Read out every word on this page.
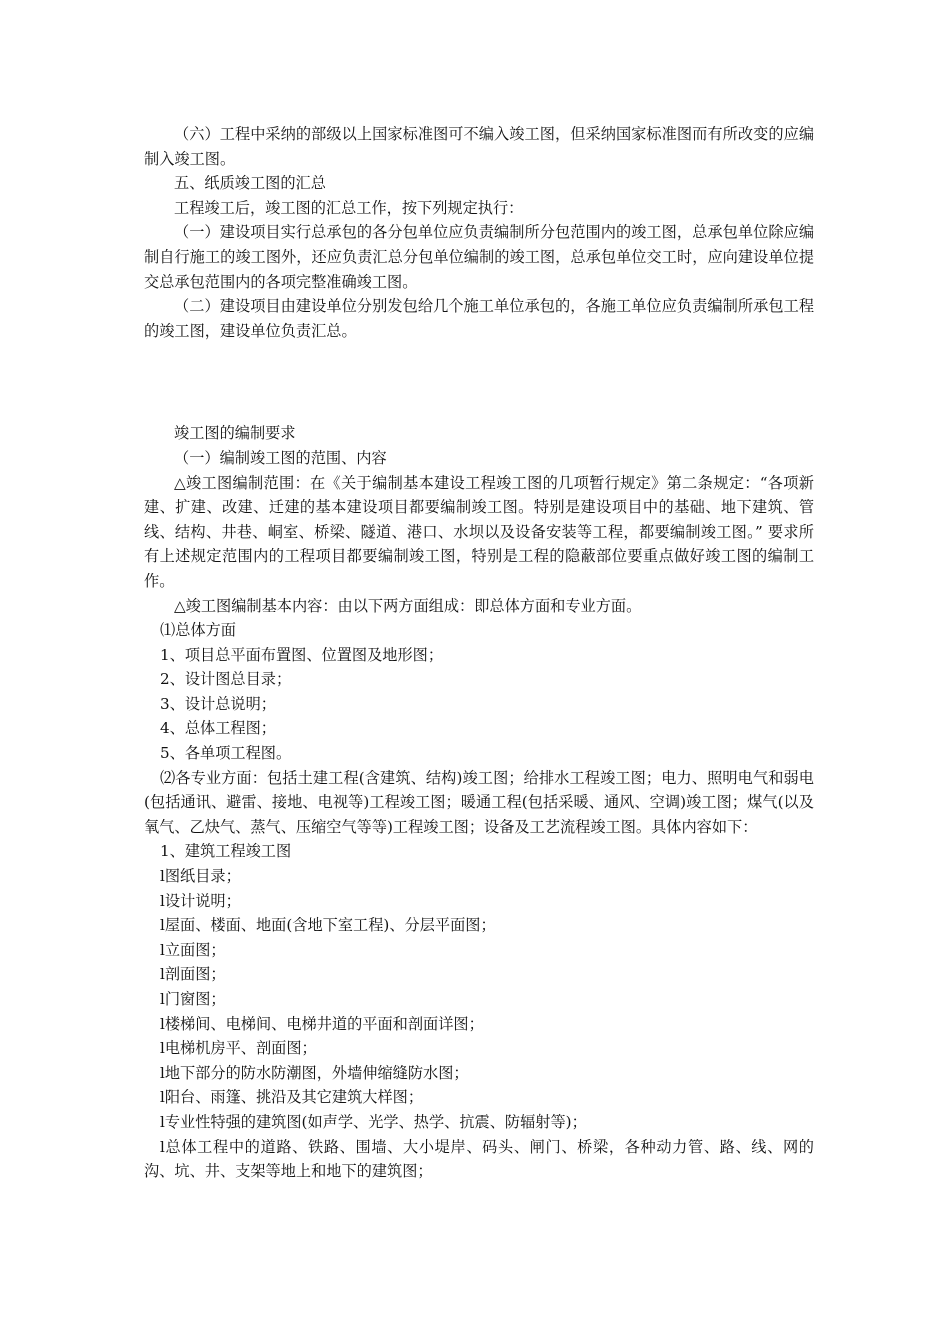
（六）工程中采纳的部级以上国家标准图可不编入竣工图，但采纳国家标准图而有所改变的应编制入竣工图。

五、纸质竣工图的汇总

工程竣工后，竣工图的汇总工作，按下列规定执行：

（一）建设项目实行总承包的各分包单位应负责编制所分包范围内的竣工图，总承包单位除应编制自行施工的竣工图外，还应负责汇总分包单位编制的竣工图，总承包单位交工时，应向建设单位提交总承包范围内的各项完整准确竣工图。

（二）建设项目由建设单位分别发包给几个施工单位承包的，各施工单位应负责编制所承包工程的竣工图，建设单位负责汇总。

竣工图的编制要求

（一）编制竣工图的范围、内容

△竣工图编制范围：在《关于编制基本建设工程竣工图的几项暂行规定》第二条规定：“各项新建、扩建、改建、迁建的基本建设项目都要编制竣工图。特别是建设项目中的基础、地下建筑、管线、结构、井巷、峒室、桥梁、隧道、港口、水坝以及设备安装等工程，都要编制竣工图。” 要求所有上述规定范围内的工程项目都要编制竣工图，特别是工程的隐蔽部位要重点做好竣工图的编制工作。

△竣工图编制基本内容：由以下两方面组成：即总体方面和专业方面。

⑴总体方面

1、项目总平面布置图、位置图及地形图；

2、设计图总目录；

3、设计总说明；

4、总体工程图；

5、各单项工程图。

⑵各专业方面：包括土建工程(含建筑、结构)竣工图；给排水工程竣工图；电力、照明电气和弱电(包括通讯、避雷、接地、电视等)工程竣工图；暖通工程(包括采暖、通风、空调)竣工图；煤气(以及氧气、乙炔气、蒸气、压缩空气等等)工程竣工图；设备及工艺流程竣工图。具体内容如下：

1、建筑工程竣工图

l图纸目录；

l设计说明；

l屋面、楼面、地面(含地下室工程)、分层平面图；

l立面图；

l剖面图；

l门窗图；

l楼梯间、电梯间、电梯井道的平面和剖面详图；

l电梯机房平、剖面图；

l地下部分的防水防潮图，外墙伸缩缝防水图；

l阳台、雨篷、挑沿及其它建筑大样图；

l专业性特强的建筑图(如声学、光学、热学、抗震、防辐射等)；

l总体工程中的道路、铁路、围墙、大小堤岸、码头、闸门、桥梁，各种动力管、路、线、网的沟、坑、井、支架等地上和地下的建筑图；
